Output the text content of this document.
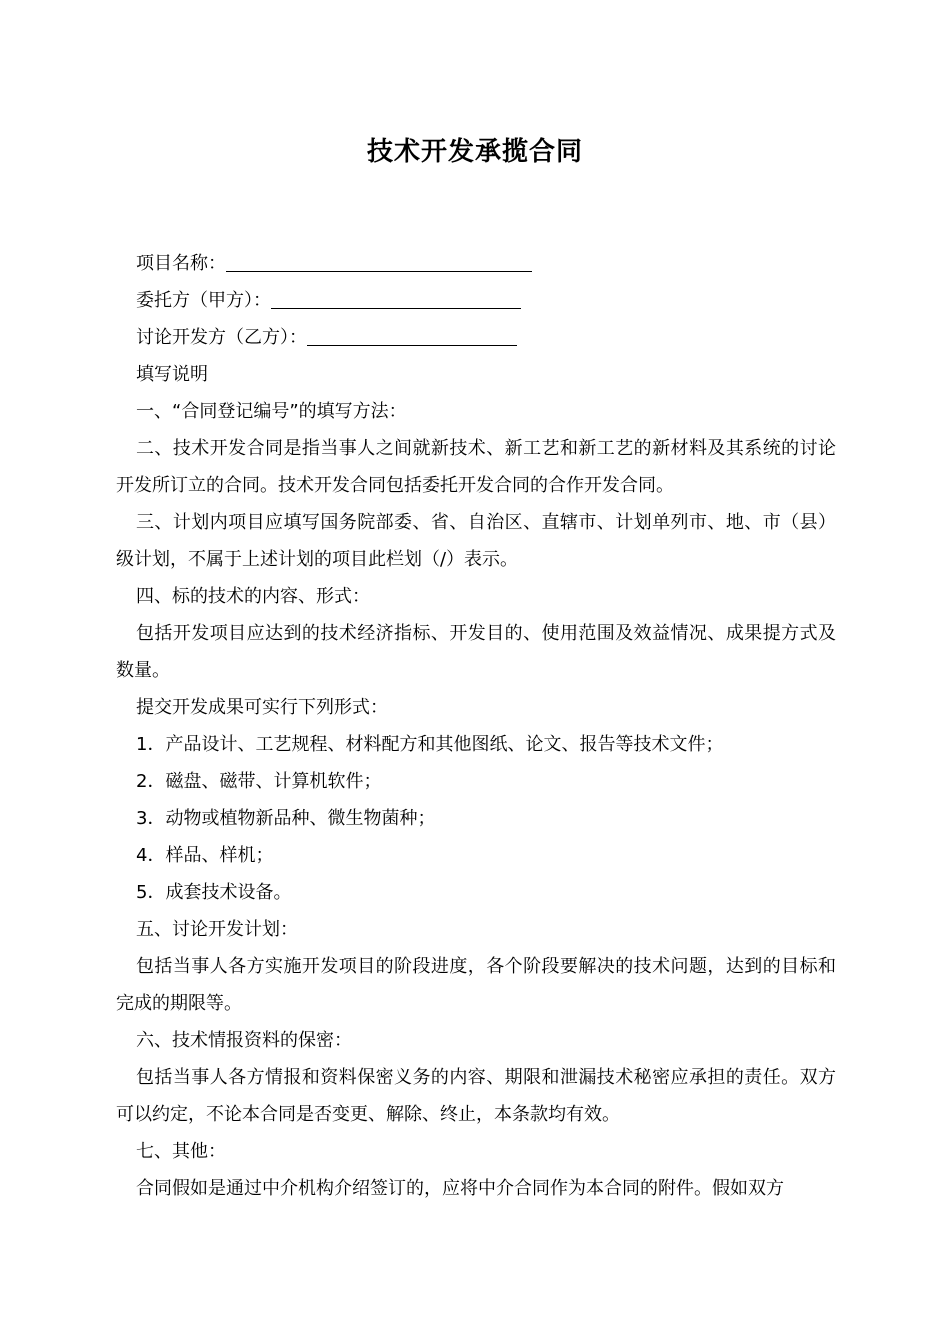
技术开发承揽合同
项目名称：
委托方（甲方）：
讨论开发方（乙方）：
填写说明
一、“合同登记编号”的填写方法：
二、技术开发合同是指当事人之间就新技术、新工艺和新工艺的新材料及其系统的讨论开发所订立的合同。技术开发合同包括委托开发合同的合作开发合同。
三、计划内项目应填写国务院部委、省、自治区、直辖市、计划单列市、地、市（县）级计划，不属于上述计划的项目此栏划（/）表示。
四、标的技术的内容、形式：
包括开发项目应达到的技术经济指标、开发目的、使用范围及效益情况、成果提方式及数量。
提交开发成果可实行下列形式：
1．产品设计、工艺规程、材料配方和其他图纸、论文、报告等技术文件；
2．磁盘、磁带、计算机软件；
3．动物或植物新品种、微生物菌种；
4．样品、样机；
5．成套技术设备。
五、讨论开发计划：
包括当事人各方实施开发项目的阶段进度，各个阶段要解决的技术问题，达到的目标和完成的期限等。
六、技术情报资料的保密：
包括当事人各方情报和资料保密义务的内容、期限和泄漏技术秘密应承担的责任。双方可以约定，不论本合同是否变更、解除、终止，本条款均有效。
七、其他：
合同假如是通过中介机构介绍签订的，应将中介合同作为本合同的附件。假如双方
